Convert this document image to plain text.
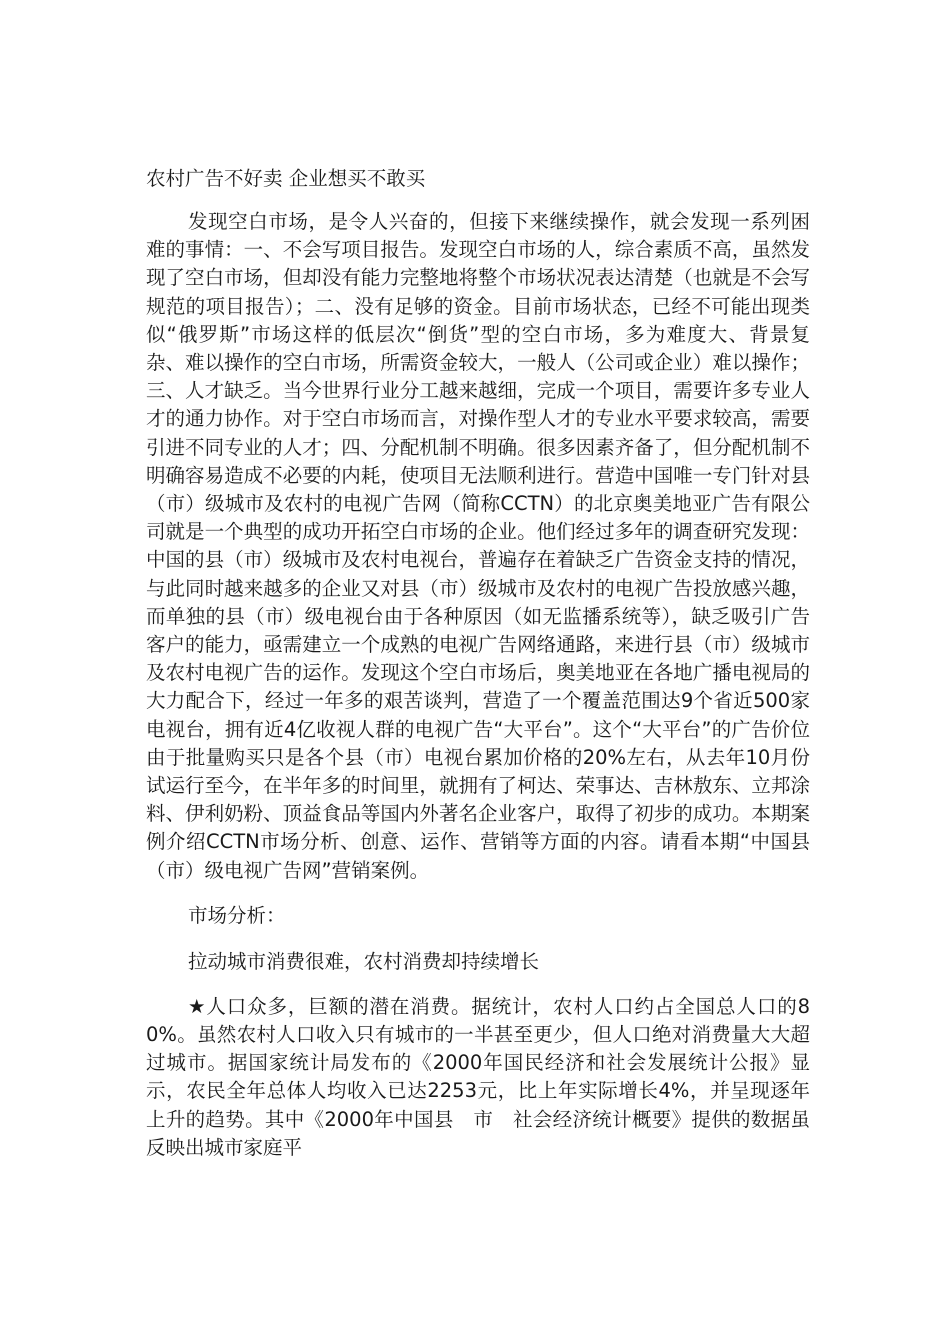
农村广告不好卖 企业想买不敢买

发现空白市场，是令人兴奋的，但接下来继续操作，就会发现一系列困难的事情：一、不会写项目报告。发现空白市场的人，综合素质不高，虽然发现了空白市场，但却没有能力完整地将整个市场状况表达清楚（也就是不会写规范的项目报告）；二、没有足够的资金。目前市场状态，已经不可能出现类似“俄罗斯”市场这样的低层次“倒货”型的空白市场，多为难度大、背景复杂、难以操作的空白市场，所需资金较大，一般人（公司或企业）难以操作；三、人才缺乏。当今世界行业分工越来越细，完成一个项目，需要许多专业人才的通力协作。对于空白市场而言，对操作型人才的专业水平要求较高，需要引进不同专业的人才；四、分配机制不明确。很多因素齐备了，但分配机制不明确容易造成不必要的内耗，使项目无法顺利进行。营造中国唯一专门针对县（市）级城市及农村的电视广告网（简称CCTN）的北京奥美地亚广告有限公司就是一个典型的成功开拓空白市场的企业。他们经过多年的调查研究发现：中国的县（市）级城市及农村电视台，普遍存在着缺乏广告资金支持的情况，与此同时越来越多的企业又对县（市）级城市及农村的电视广告投放感兴趣，而单独的县（市）级电视台由于各种原因（如无监播系统等），缺乏吸引广告客户的能力，亟需建立一个成熟的电视广告网络通路，来进行县（市）级城市及农村电视广告的运作。发现这个空白市场后，奥美地亚在各地广播电视局的大力配合下，经过一年多的艰苦谈判，营造了一个覆盖范围达9个省近500家电视台，拥有近4亿收视人群的电视广告“大平台”。这个“大平台”的广告价位由于批量购买只是各个县（市）电视台累加价格的20%左右，从去年10月份试运行至今，在半年多的时间里，就拥有了柯达、荣事达、吉林敖东、立邦涂料、伊利奶粉、顶益食品等国内外著名企业客户，取得了初步的成功。本期案例介绍CCTN市场分析、创意、运作、营销等方面的内容。请看本期“中国县（市）级电视广告网”营销案例。

市场分析：

拉动城市消费很难，农村消费却持续增长

★人口众多，巨额的潜在消费。据统计，农村人口约占全国总人口的80%。虽然农村人口收入只有城市的一半甚至更少，但人口绝对消费量大大超过城市。据国家统计局发布的《2000年国民经济和社会发展统计公报》显示，农民全年总体人均收入已达2253元，比上年实际增长4%，并呈现逐年上升的趋势。其中《2000年中国县　市　社会经济统计概要》提供的数据虽反映出城市家庭平
